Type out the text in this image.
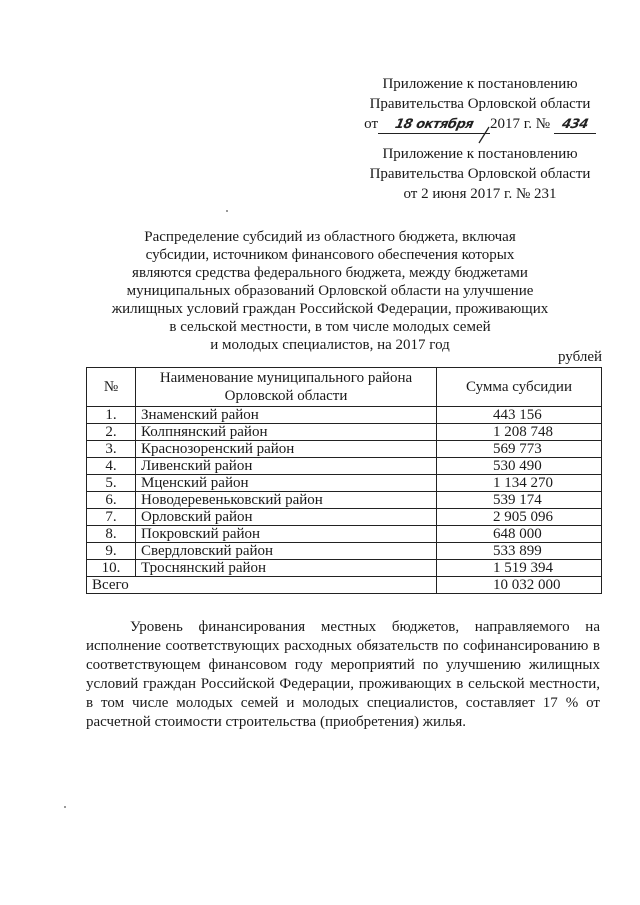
Приложение к постановлению
Правительства Орловской области
от 18 октября 2017 г. № 434
Приложение к постановлению
Правительства Орловской области
от 2 июня 2017 г. № 231
Распределение субсидий из областного бюджета, включая
субсидии, источником финансового обеспечения которых
являются средства федерального бюджета, между бюджетами
муниципальных образований Орловской области на улучшение
жилищных условий граждан Российской Федерации, проживающих
в сельской местности, в том числе молодых семей
и молодых специалистов, на 2017 год
рублей
№	Наименование муниципального района Орловской области	Сумма субсидии
1.	Знаменский район	443 156
2.	Колпнянский район	1 208 748
3.	Краснозоренский район	569 773
4.	Ливенский район	530 490
5.	Мценский район	1 134 270
6.	Новодеревеньковский район	539 174
7.	Орловский район	2 905 096
8.	Покровский район	648 000
9.	Свердловский район	533 899
10.	Троснянский район	1 519 394
Всего		10 032 000
Уровень финансирования местных бюджетов, направляемого на исполнение соответствующих расходных обязательств по софинансированию в соответствующем финансовом году мероприятий по улучшению жилищных условий граждан Российской Федерации, проживающих в сельской местности, в том числе молодых семей и молодых специалистов, составляет 17 % от расчетной стоимости строительства (приобретения) жилья.
